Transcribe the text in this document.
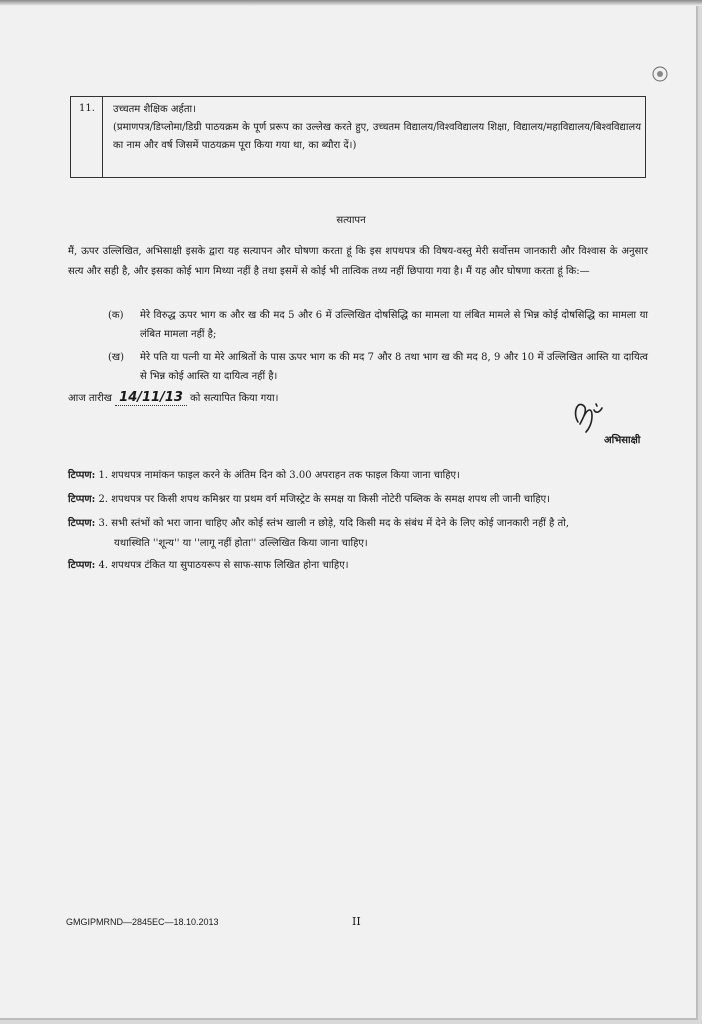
11.	उच्चतम शैक्षिक अर्हता।
(प्रमाणपत्र/डिप्लोमा/डिग्री पाठयक्रम के पूर्ण प्ररूप का उल्लेख करते हुए, उच्चतम विद्यालय/विश्वविद्यालय शिक्षा, विद्यालय/महाविद्यालय/बिश्वविद्यालय का नाम और वर्ष जिसमें पाठयक्रम पूरा किया गया था, का ब्यौरा दें।)
सत्यापन
मैं, ऊपर उल्लिखित, अभिसाक्षी इसके द्वारा यह सत्यापन और घोषणा करता हूं कि इस शपथपत्र की विषय-वस्तु मेरी सर्वोत्तम जानकारी और विश्वास के अनुसार सत्य और सही है, और इसका कोई भाग मिथ्या नहीं है तथा इसमें से कोई भी तात्विक तथ्य नहीं छिपाया गया है। मैं यह और घोषणा करता हूं कि:—
(क)	मेरे विरुद्ध ऊपर भाग क और ख की मद 5 और 6 में उल्लिखित दोषसिद्धि का मामला या लंबित मामले से भिन्न कोई दोषसिद्धि का मामला या लंबित मामला नहीं है;
(ख)	मेरे पति या पत्नी या मेरे आश्रितों के पास ऊपर भाग क की मद 7 और 8 तथा भाग ख की मद 8, 9 और 10 में उल्लिखित आस्ति या दायित्व से भिन्न कोई आस्ति या दायित्व नहीं है।
आज तारीख 14/11/13 को सत्यापित किया गया।
अभिसाक्षी
टिप्पण: 1. शपथपत्र नामांकन फाइल करने के अंतिम दिन को 3.00 अपराहन तक फाइल किया जाना चाहिए।
टिप्पण: 2. शपथपत्र पर किसी शपथ कमिश्नर या प्रथम वर्ग मजिस्ट्रेट के समक्ष या किसी नोटेरी पब्लिक के समक्ष शपथ ली जानी चाहिए।
टिप्पण: 3. सभी स्तंभों को भरा जाना चाहिए और कोई स्तंभ खाली न छोड़े, यदि किसी मद के संबंध में देने के लिए कोई जानकारी नहीं है तो,
यथास्थिति ''शून्य'' या ''लागू नहीं होता'' उल्लिखित किया जाना चाहिए।
टिप्पण: 4. शपथपत्र टंकित या सुपाठयरूप से साफ-साफ लिखित होना चाहिए।
GMGIPMRND—2845EC—18.10.2013	II
